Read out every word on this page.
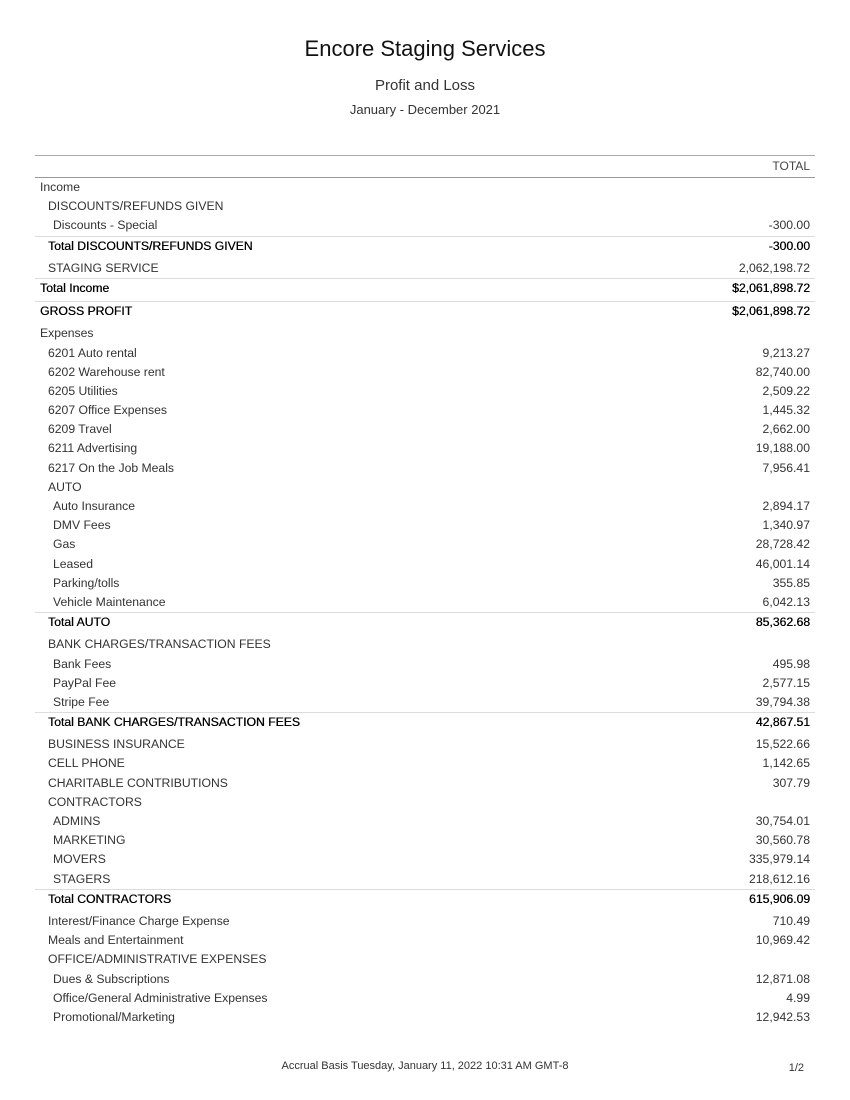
Encore Staging Services
Profit and Loss
January - December 2021
TOTAL
Income
DISCOUNTS/REFUNDS GIVEN
Discounts - Special	-300.00
Total DISCOUNTS/REFUNDS GIVEN	-300.00
STAGING SERVICE	2,062,198.72
Total Income	$2,061,898.72
GROSS PROFIT	$2,061,898.72
Expenses
6201 Auto rental	9,213.27
6202 Warehouse rent	82,740.00
6205 Utilities	2,509.22
6207 Office Expenses	1,445.32
6209 Travel	2,662.00
6211 Advertising	19,188.00
6217 On the Job Meals	7,956.41
AUTO
Auto Insurance	2,894.17
DMV Fees	1,340.97
Gas	28,728.42
Leased	46,001.14
Parking/tolls	355.85
Vehicle Maintenance	6,042.13
Total AUTO	85,362.68
BANK CHARGES/TRANSACTION FEES
Bank Fees	495.98
PayPal Fee	2,577.15
Stripe Fee	39,794.38
Total BANK CHARGES/TRANSACTION FEES	42,867.51
BUSINESS INSURANCE	15,522.66
CELL PHONE	1,142.65
CHARITABLE CONTRIBUTIONS	307.79
CONTRACTORS
ADMINS	30,754.01
MARKETING	30,560.78
MOVERS	335,979.14
STAGERS	218,612.16
Total CONTRACTORS	615,906.09
Interest/Finance Charge Expense	710.49
Meals and Entertainment	10,969.42
OFFICE/ADMINISTRATIVE EXPENSES
Dues & Subscriptions	12,871.08
Office/General Administrative Expenses	4.99
Promotional/Marketing	12,942.53
Accrual Basis Tuesday, January 11, 2022 10:31 AM GMT-8	1/2
